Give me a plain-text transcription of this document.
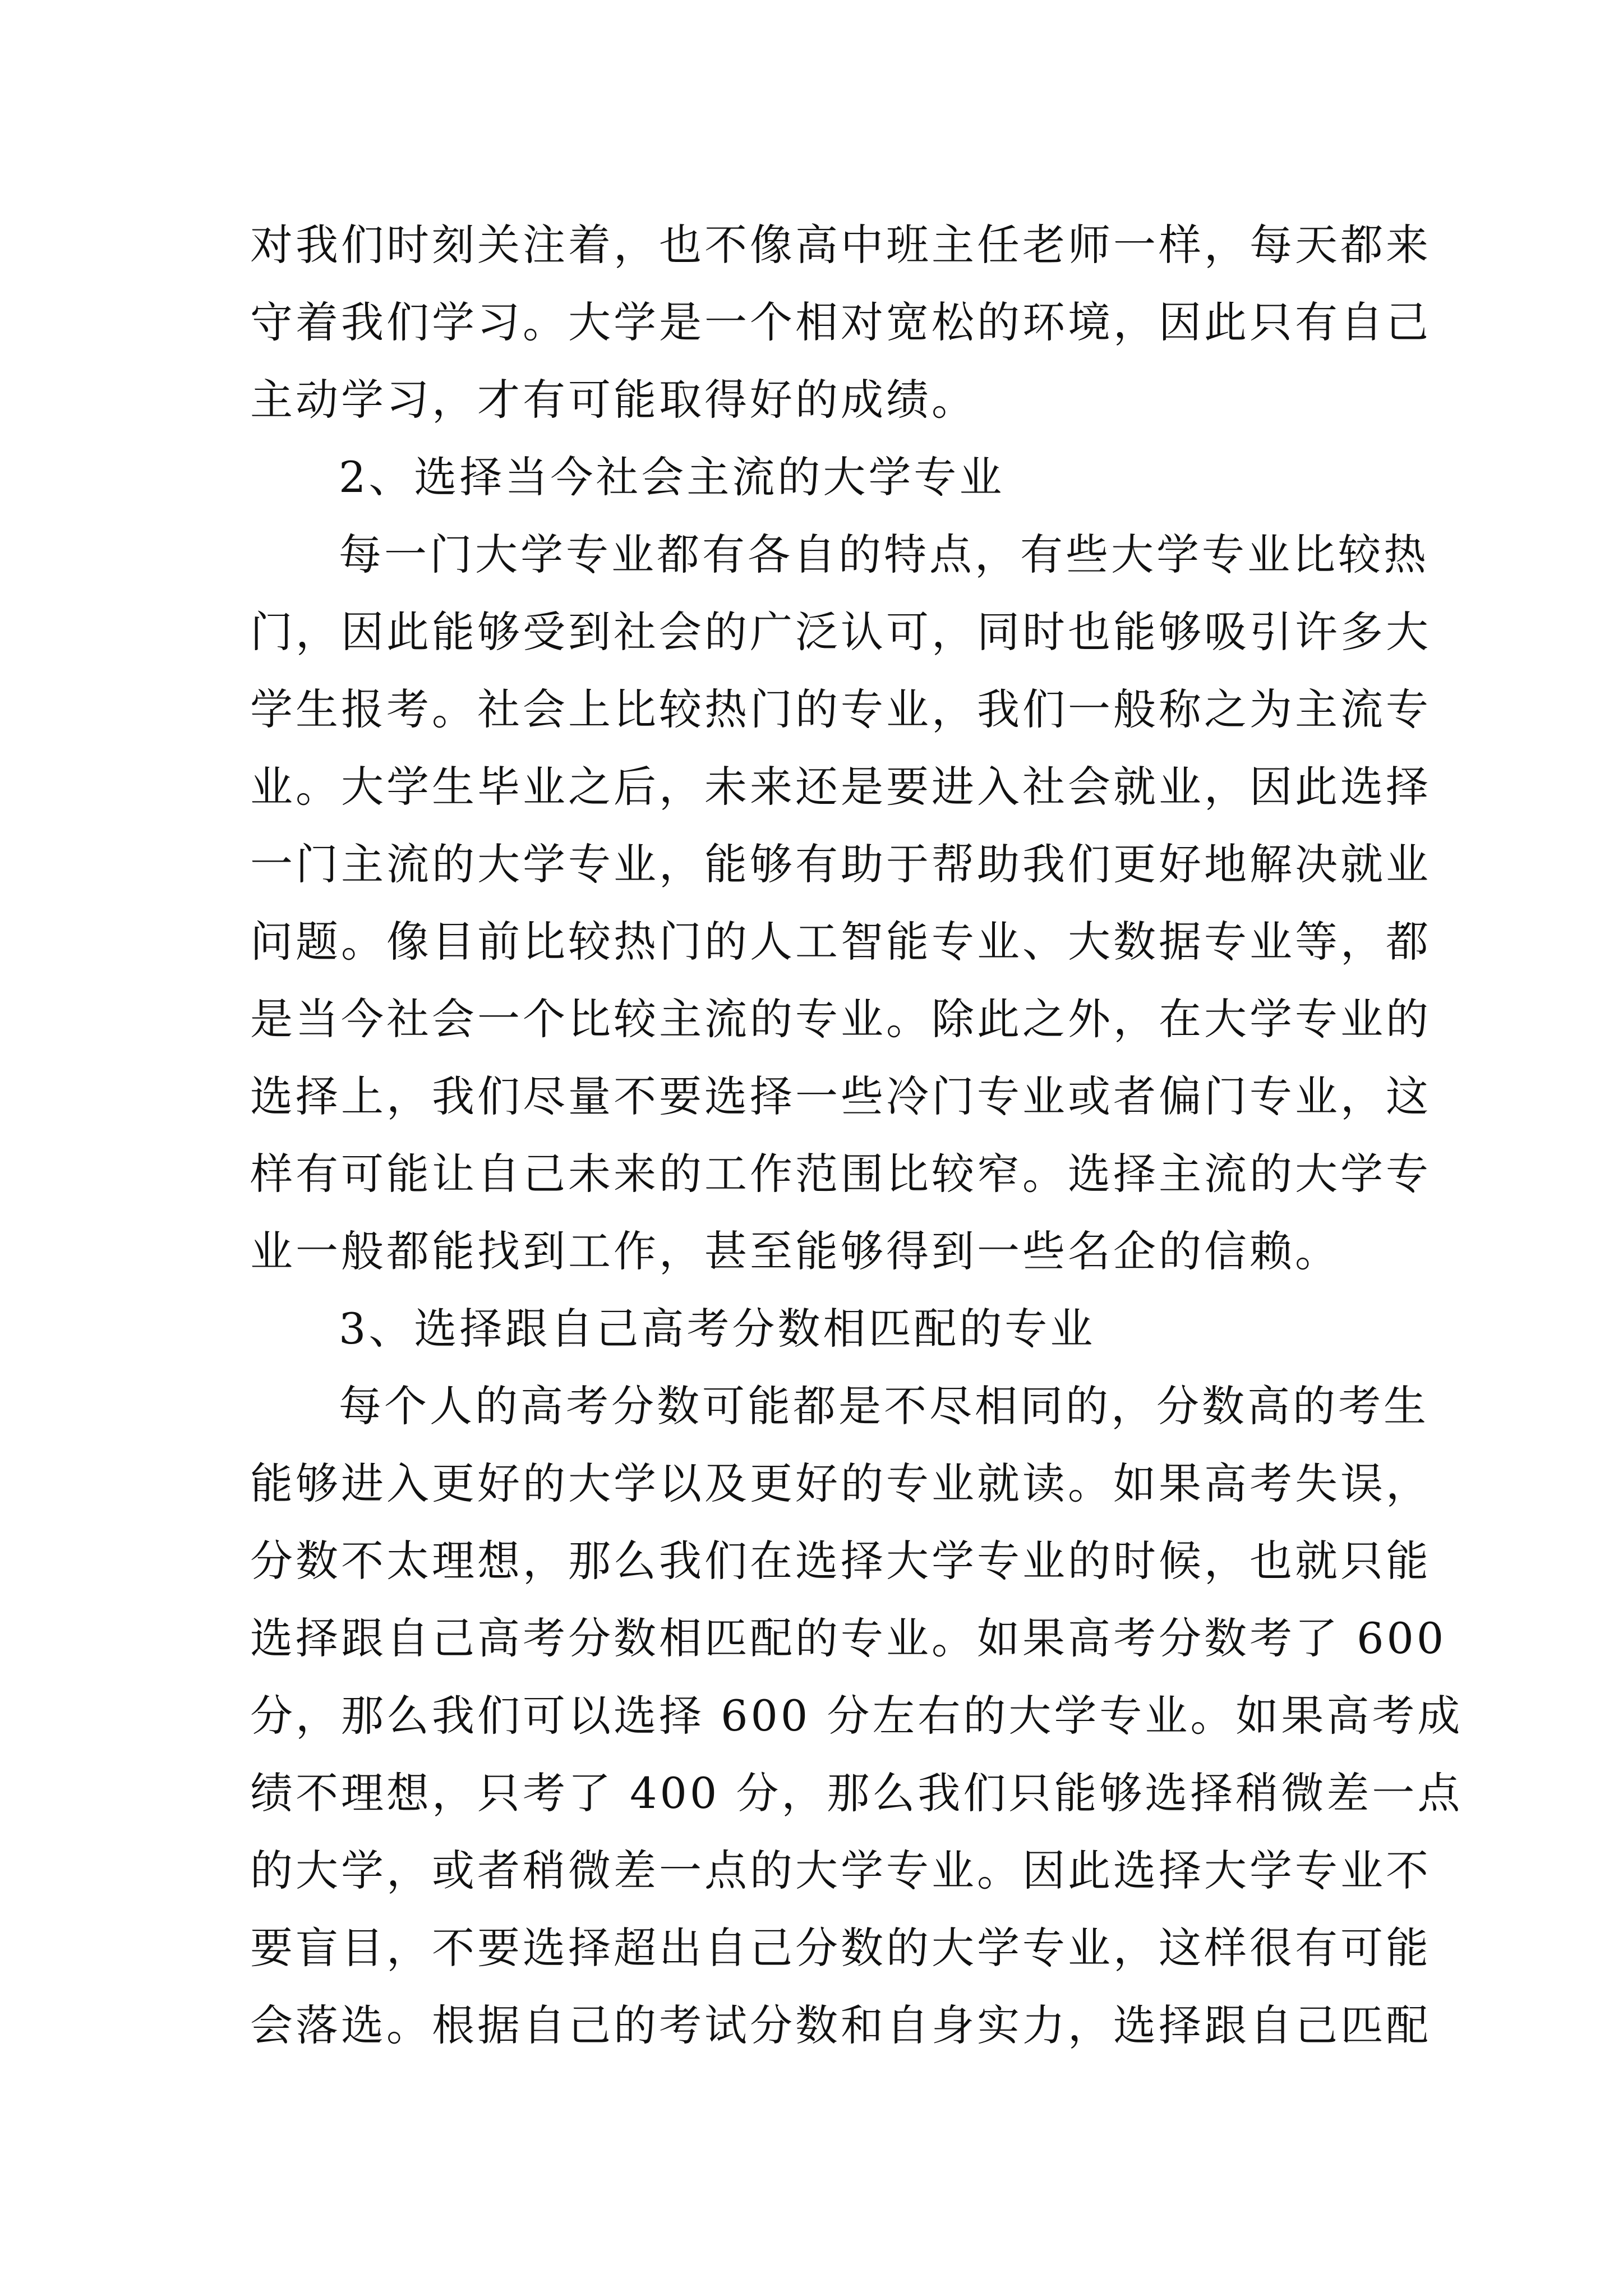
对我们时刻关注着，也不像高中班主任老师一样，每天都来
守着我们学习。大学是一个相对宽松的环境，因此只有自己
主动学习，才有可能取得好的成绩。
2、选择当今社会主流的大学专业
每一门大学专业都有各自的特点，有些大学专业比较热
门，因此能够受到社会的广泛认可，同时也能够吸引许多大
学生报考。社会上比较热门的专业，我们一般称之为主流专
业。大学生毕业之后，未来还是要进入社会就业，因此选择
一门主流的大学专业，能够有助于帮助我们更好地解决就业
问题。像目前比较热门的人工智能专业、大数据专业等，都
是当今社会一个比较主流的专业。除此之外，在大学专业的
选择上，我们尽量不要选择一些冷门专业或者偏门专业，这
样有可能让自己未来的工作范围比较窄。选择主流的大学专
业一般都能找到工作，甚至能够得到一些名企的信赖。
3、选择跟自己高考分数相匹配的专业
每个人的高考分数可能都是不尽相同的，分数高的考生
能够进入更好的大学以及更好的专业就读。如果高考失误，
分数不太理想，那么我们在选择大学专业的时候，也就只能
选择跟自己高考分数相匹配的专业。如果高考分数考了 600
分，那么我们可以选择 600 分左右的大学专业。如果高考成
绩不理想，只考了 400 分，那么我们只能够选择稍微差一点
的大学，或者稍微差一点的大学专业。因此选择大学专业不
要盲目，不要选择超出自己分数的大学专业，这样很有可能
会落选。根据自己的考试分数和自身实力，选择跟自己匹配
